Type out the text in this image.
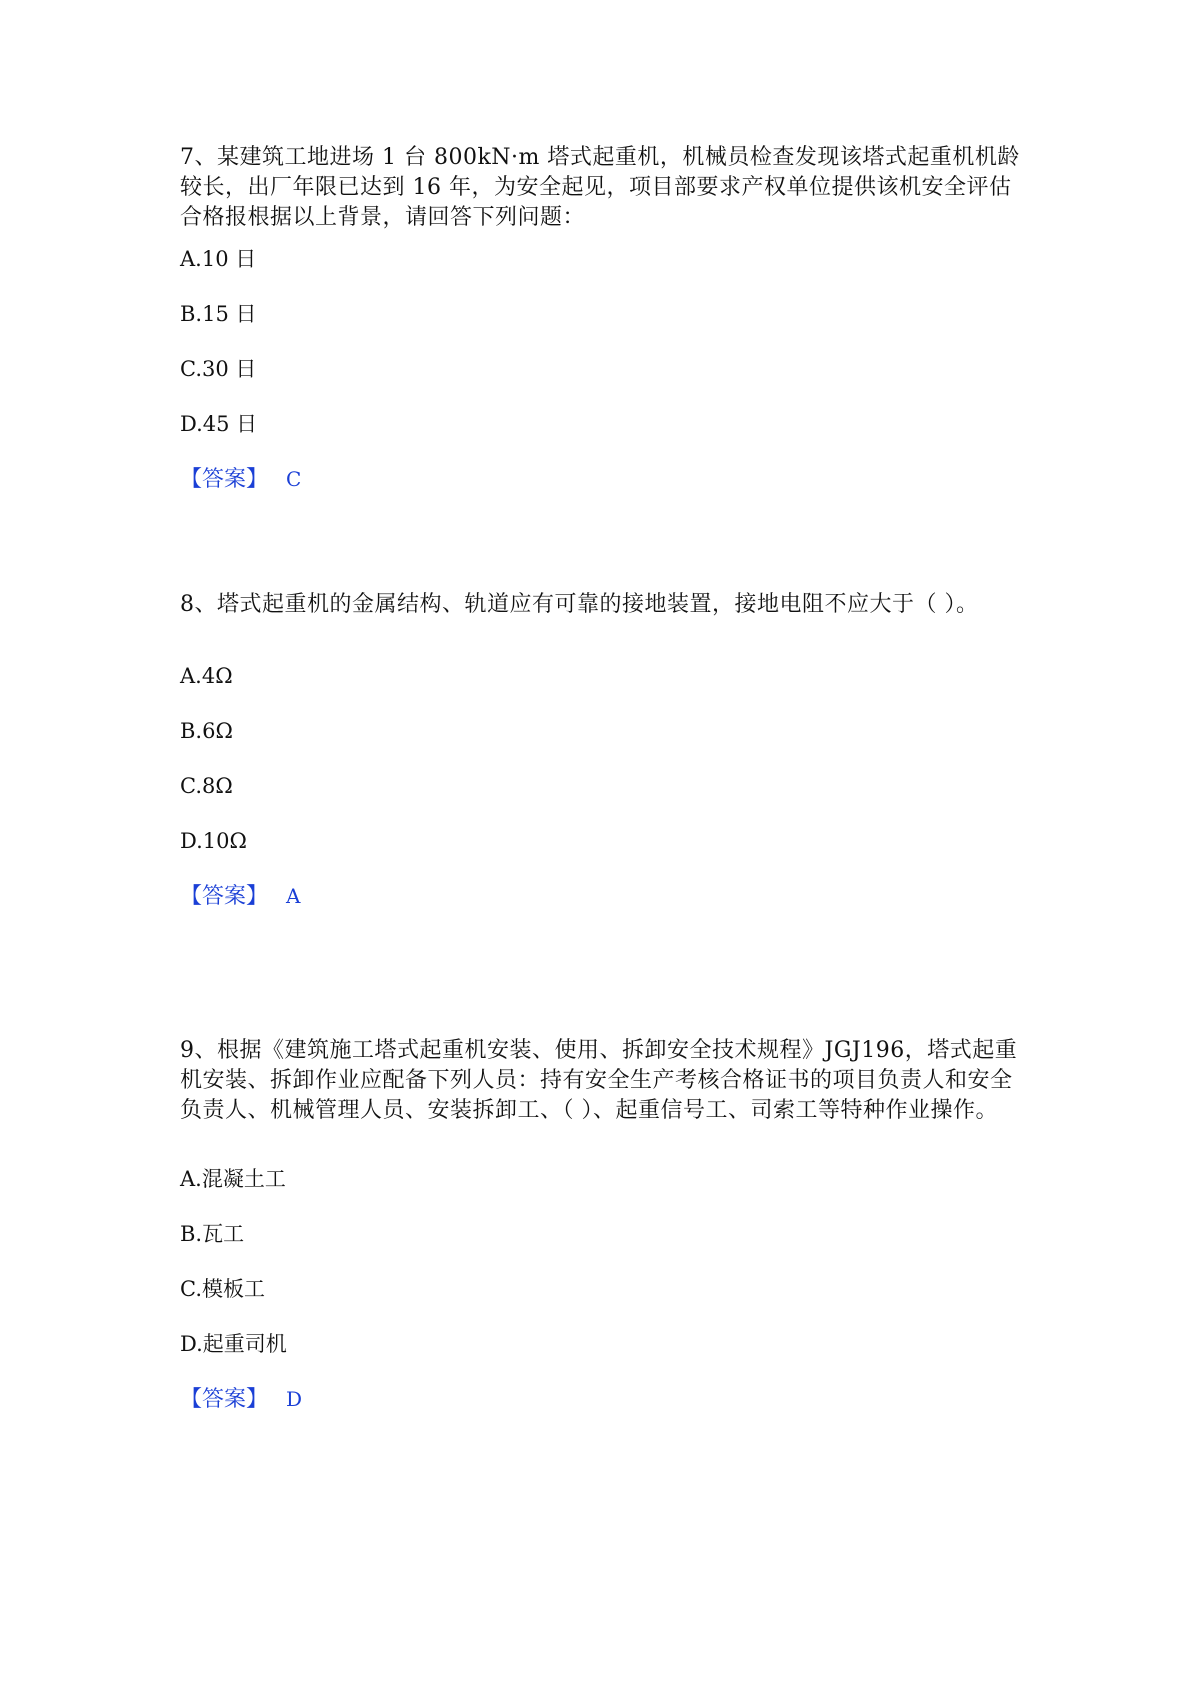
7、某建筑工地进场 1 台 800kN·m 塔式起重机，机械员检查发现该塔式起重机机龄较长，出厂年限已达到 16 年，为安全起见，项目部要求产权单位提供该机安全评估合格报根据以上背景，请回答下列问题：

A.10 日
B.15 日
C.30 日
D.45 日
【答案】 C

8、塔式起重机的金属结构、轨道应有可靠的接地装置，接地电阻不应大于（ ）。

A.4Ω
B.6Ω
C.8Ω
D.10Ω
【答案】 A

9、根据《建筑施工塔式起重机安装、使用、拆卸安全技术规程》JGJ196，塔式起重机安装、拆卸作业应配备下列人员：持有安全生产考核合格证书的项目负责人和安全负责人、机械管理人员、安装拆卸工、（ ）、起重信号工、司索工等特种作业操作。

A.混凝土工
B.瓦工
C.模板工
D.起重司机
【答案】 D
